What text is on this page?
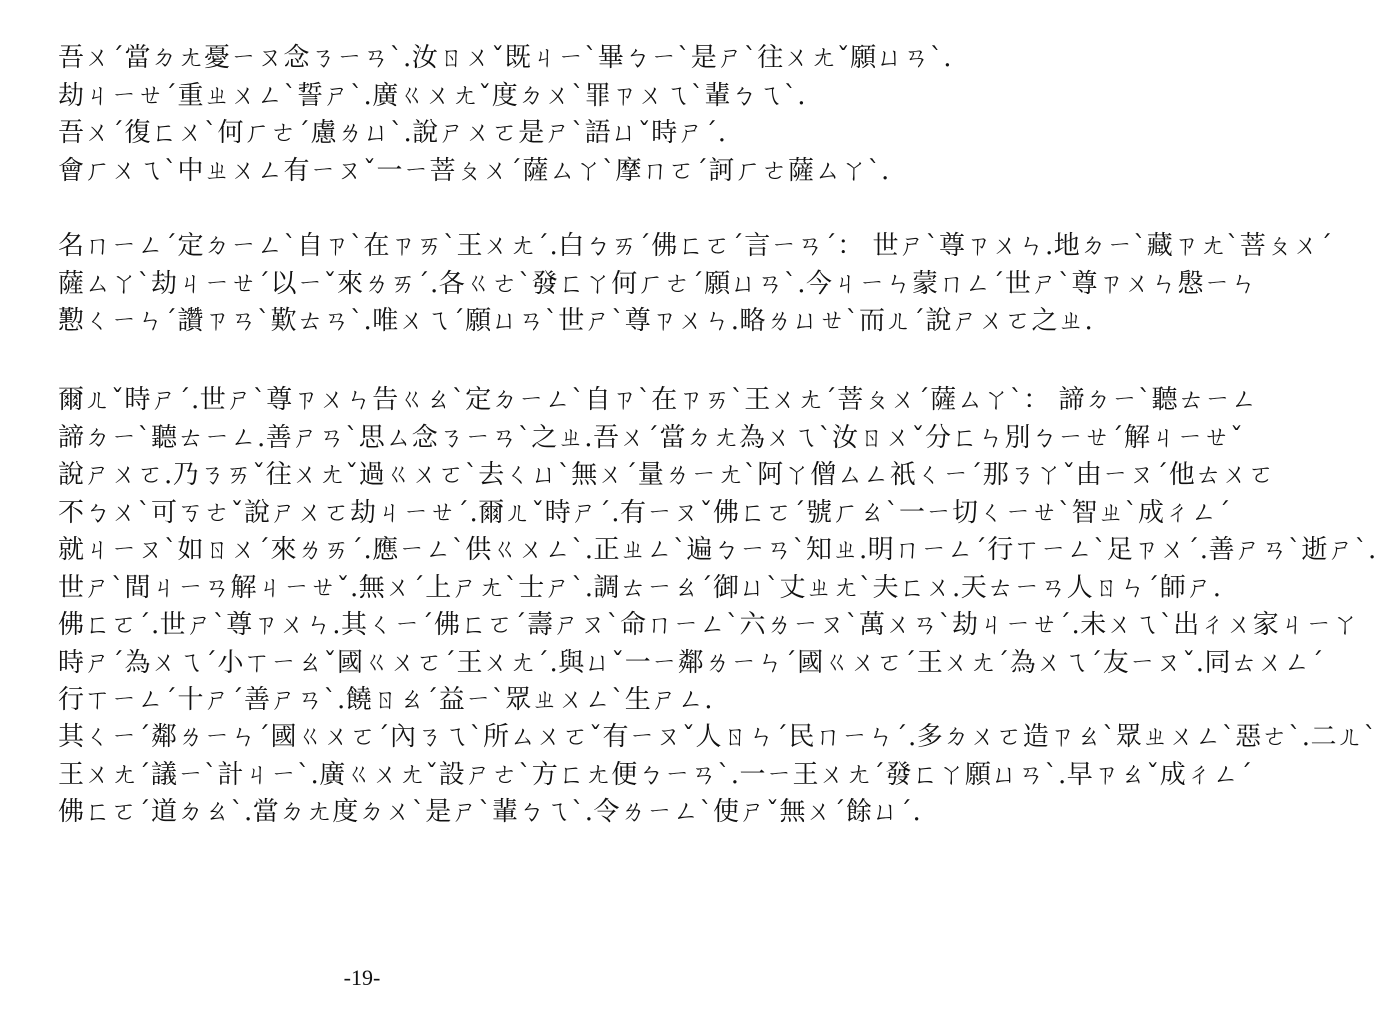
吾ㄨˊ當ㄉㄤ憂ㄧㄡ念ㄋㄧㄢˋ.汝ㄖㄨˇ既ㄐㄧˋ畢ㄅㄧˋ是ㄕˋ往ㄨㄤˇ願ㄩㄢˋ.
劫ㄐㄧㄝˊ重ㄓㄨㄥˋ誓ㄕˋ.廣ㄍㄨㄤˇ度ㄉㄨˋ罪ㄗㄨㄟˋ輩ㄅㄟˋ.
吾ㄨˊ復ㄈㄨˋ何ㄏㄜˊ慮ㄌㄩˋ.說ㄕㄨㄛ是ㄕˋ語ㄩˇ時ㄕˊ.
會ㄏㄨㄟˋ中ㄓㄨㄥ有ㄧㄡˇ一ㄧ菩ㄆㄨˊ薩ㄙㄚˋ摩ㄇㄛˊ訶ㄏㄜ薩ㄙㄚˋ.
名ㄇㄧㄥˊ定ㄉㄧㄥˋ自ㄗˋ在ㄗㄞˋ王ㄨㄤˊ.白ㄅㄞˊ佛ㄈㄛˊ言ㄧㄢˊ： 世ㄕˋ尊ㄗㄨㄣ.地ㄉㄧˋ藏ㄗㄤˋ菩ㄆㄨˊ
薩ㄙㄚˋ劫ㄐㄧㄝˊ以ㄧˇ來ㄌㄞˊ.各ㄍㄜˋ發ㄈㄚ何ㄏㄜˊ願ㄩㄢˋ.今ㄐㄧㄣ蒙ㄇㄥˊ世ㄕˋ尊ㄗㄨㄣ慇ㄧㄣ
懃ㄑㄧㄣˊ讚ㄗㄢˋ歎ㄊㄢˋ.唯ㄨㄟˊ願ㄩㄢˋ世ㄕˋ尊ㄗㄨㄣ.略ㄌㄩㄝˋ而ㄦˊ說ㄕㄨㄛ之ㄓ.
爾ㄦˇ時ㄕˊ.世ㄕˋ尊ㄗㄨㄣ告ㄍㄠˋ定ㄉㄧㄥˋ自ㄗˋ在ㄗㄞˋ王ㄨㄤˊ菩ㄆㄨˊ薩ㄙㄚˋ： 諦ㄉㄧˋ聽ㄊㄧㄥ
諦ㄉㄧˋ聽ㄊㄧㄥ.善ㄕㄢˋ思ㄙ念ㄋㄧㄢˋ之ㄓ.吾ㄨˊ當ㄉㄤ為ㄨㄟˋ汝ㄖㄨˇ分ㄈㄣ別ㄅㄧㄝˊ解ㄐㄧㄝˇ
說ㄕㄨㄛ.乃ㄋㄞˇ往ㄨㄤˇ過ㄍㄨㄛˋ去ㄑㄩˋ無ㄨˊ量ㄌㄧㄤˋ阿ㄚ僧ㄙㄥ祇ㄑㄧˊ那ㄋㄚˇ由ㄧㄡˊ他ㄊㄨㄛ
不ㄅㄨˋ可ㄎㄜˇ說ㄕㄨㄛ劫ㄐㄧㄝˊ.爾ㄦˇ時ㄕˊ.有ㄧㄡˇ佛ㄈㄛˊ號ㄏㄠˋ一ㄧ切ㄑㄧㄝˋ智ㄓˋ成ㄔㄥˊ
就ㄐㄧㄡˋ如ㄖㄨˊ來ㄌㄞˊ.應ㄧㄥˋ供ㄍㄨㄥˋ.正ㄓㄥˋ遍ㄅㄧㄢˋ知ㄓ.明ㄇㄧㄥˊ行ㄒㄧㄥˋ足ㄗㄨˊ.善ㄕㄢˋ逝ㄕˋ.
世ㄕˋ間ㄐㄧㄢ解ㄐㄧㄝˇ.無ㄨˊ上ㄕㄤˋ士ㄕˋ.調ㄊㄧㄠˊ御ㄩˋ丈ㄓㄤˋ夫ㄈㄨ.天ㄊㄧㄢ人ㄖㄣˊ師ㄕ.
佛ㄈㄛˊ.世ㄕˋ尊ㄗㄨㄣ.其ㄑㄧˊ佛ㄈㄛˊ壽ㄕㄡˋ命ㄇㄧㄥˋ六ㄌㄧㄡˋ萬ㄨㄢˋ劫ㄐㄧㄝˊ.未ㄨㄟˋ出ㄔㄨ家ㄐㄧㄚ
時ㄕˊ為ㄨㄟˊ小ㄒㄧㄠˇ國ㄍㄨㄛˊ王ㄨㄤˊ.與ㄩˇ一ㄧ鄰ㄌㄧㄣˊ國ㄍㄨㄛˊ王ㄨㄤˊ為ㄨㄟˊ友ㄧㄡˇ.同ㄊㄨㄥˊ
行ㄒㄧㄥˊ十ㄕˊ善ㄕㄢˋ.饒ㄖㄠˊ益ㄧˋ眾ㄓㄨㄥˋ生ㄕㄥ.
其ㄑㄧˊ鄰ㄌㄧㄣˊ國ㄍㄨㄛˊ內ㄋㄟˋ所ㄙㄨㄛˇ有ㄧㄡˇ人ㄖㄣˊ民ㄇㄧㄣˊ.多ㄉㄨㄛ造ㄗㄠˋ眾ㄓㄨㄥˋ惡ㄜˋ.二ㄦˋ
王ㄨㄤˊ議ㄧˋ計ㄐㄧˋ.廣ㄍㄨㄤˇ設ㄕㄜˋ方ㄈㄤ便ㄅㄧㄢˋ.一ㄧ王ㄨㄤˊ發ㄈㄚ願ㄩㄢˋ.早ㄗㄠˇ成ㄔㄥˊ
佛ㄈㄛˊ道ㄉㄠˋ.當ㄉㄤ度ㄉㄨˋ是ㄕˋ輩ㄅㄟˋ.令ㄌㄧㄥˋ使ㄕˇ無ㄨˊ餘ㄩˊ.
-19-
